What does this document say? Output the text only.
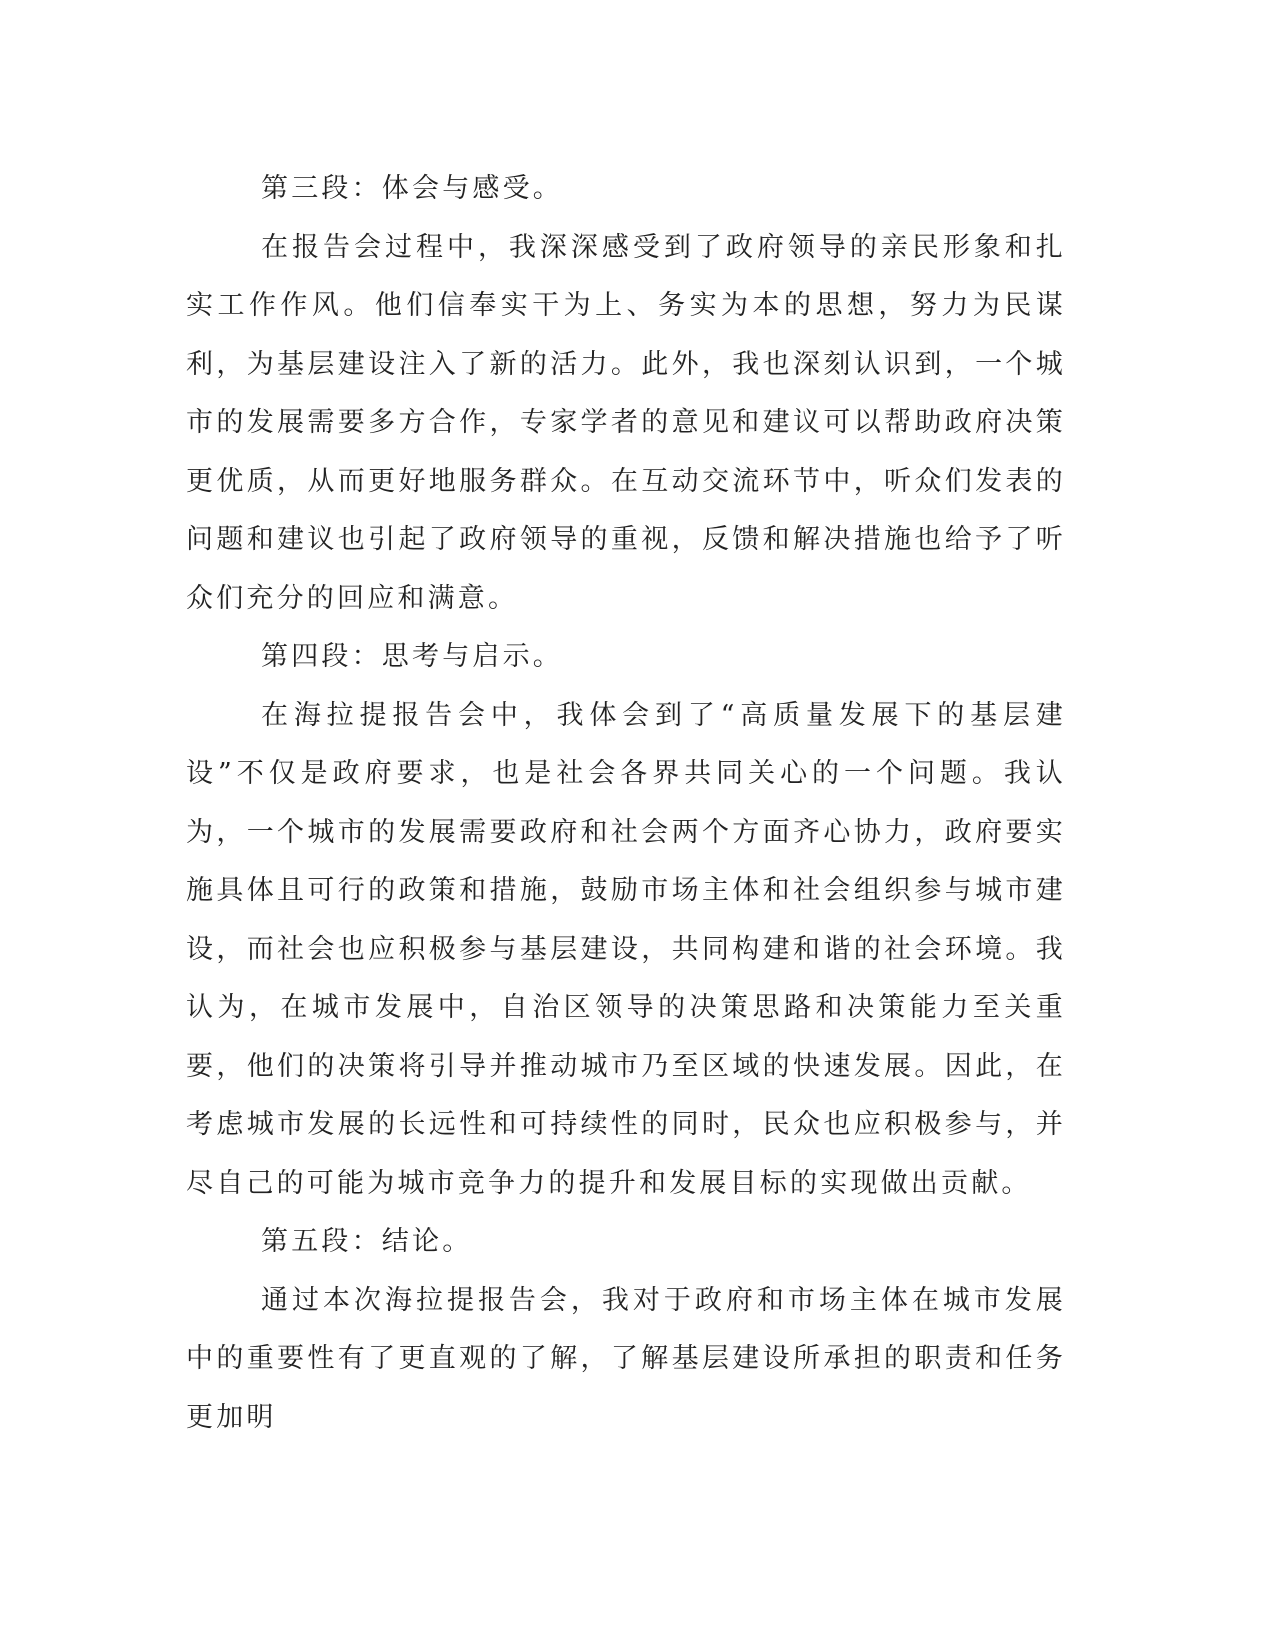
第三段：体会与感受。

在报告会过程中，我深深感受到了政府领导的亲民形象和扎实工作作风。他们信奉实干为上、务实为本的思想，努力为民谋利，为基层建设注入了新的活力。此外，我也深刻认识到，一个城市的发展需要多方合作，专家学者的意见和建议可以帮助政府决策更优质，从而更好地服务群众。在互动交流环节中，听众们发表的问题和建议也引起了政府领导的重视，反馈和解决措施也给予了听众们充分的回应和满意。

第四段：思考与启示。

在海拉提报告会中，我体会到了“高质量发展下的基层建设”不仅是政府要求，也是社会各界共同关心的一个问题。我认为，一个城市的发展需要政府和社会两个方面齐心协力，政府要实施具体且可行的政策和措施，鼓励市场主体和社会组织参与城市建设，而社会也应积极参与基层建设，共同构建和谐的社会环境。我认为，在城市发展中，自治区领导的决策思路和决策能力至关重要，他们的决策将引导并推动城市乃至区域的快速发展。因此，在考虑城市发展的长远性和可持续性的同时，民众也应积极参与，并尽自己的可能为城市竞争力的提升和发展目标的实现做出贡献。

第五段：结论。

通过本次海拉提报告会，我对于政府和市场主体在城市发展中的重要性有了更直观的了解，了解基层建设所承担的职责和任务更加明
